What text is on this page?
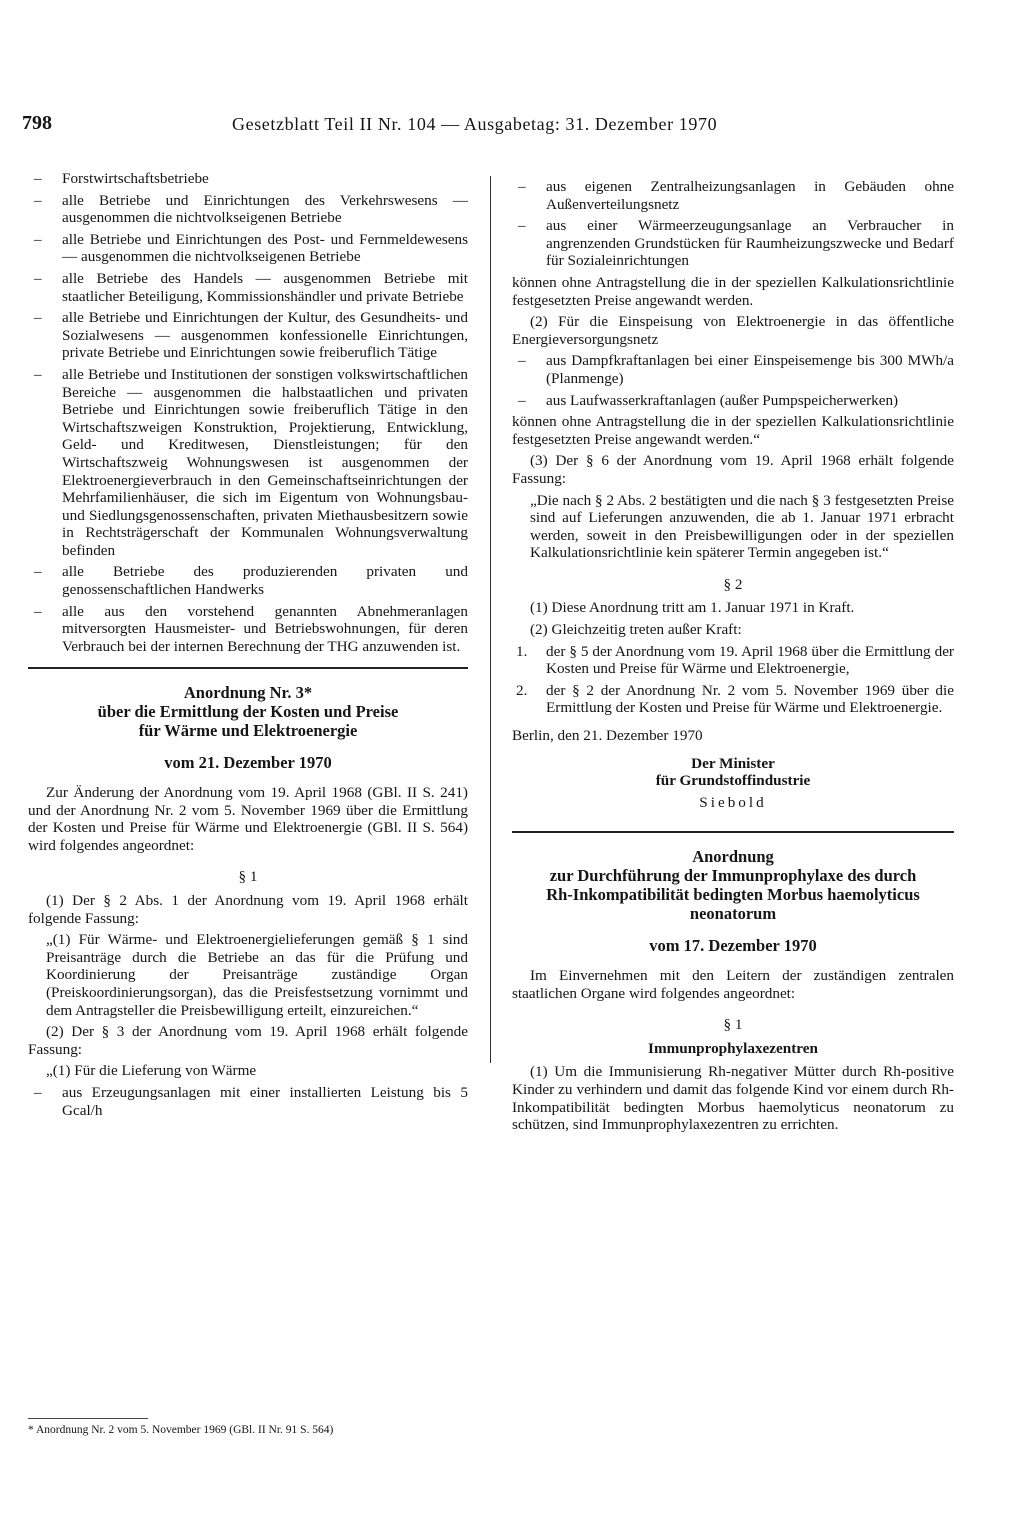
798	Gesetzblatt Teil II Nr. 104 — Ausgabetag: 31. Dezember 1970
– Forstwirtschaftsbetriebe
– alle Betriebe und Einrichtungen des Verkehrswesens — ausgenommen die nichtvolkseigenen Betriebe
– alle Betriebe und Einrichtungen des Post- und Fernmeldewesens — ausgenommen die nichtvolkseigenen Betriebe
– alle Betriebe des Handels — ausgenommen Betriebe mit staatlicher Beteiligung, Kommissionshändler und private Betriebe
– alle Betriebe und Einrichtungen der Kultur, des Gesundheits- und Sozialwesens — ausgenommen konfessionelle Einrichtungen, private Betriebe und Einrichtungen sowie freiberuflich Tätige
– alle Betriebe und Institutionen der sonstigen volkswirtschaftlichen Bereiche — ausgenommen die halbstaatlichen und privaten Betriebe und Einrichtungen sowie freiberuflich Tätige in den Wirtschaftszweigen Konstruktion, Projektierung, Entwicklung, Geld- und Kreditwesen, Dienstleistungen; für den Wirtschaftszweig Wohnungswesen ist ausgenommen der Elektroenergieverbrauch in den Gemeinschaftseinrichtungen der Mehrfamilienhäuser, die sich im Eigentum von Wohnungsbau- und Siedlungsgenossenschaften, privaten Miethausbesitzern sowie in Rechtsträgerschaft der Kommunalen Wohnungsverwaltung befinden
– alle Betriebe des produzierenden privaten und genossenschaftlichen Handwerks
– alle aus den vorstehend genannten Abnehmeranlagen mitversorgten Hausmeister- und Betriebswohnungen, für deren Verbrauch bei der internen Berechnung der THG anzuwenden ist.
Anordnung Nr. 3*
über die Ermittlung der Kosten und Preise
für Wärme und Elektroenergie
vom 21. Dezember 1970
Zur Änderung der Anordnung vom 19. April 1968 (GBl. II S. 241) und der Anordnung Nr. 2 vom 5. November 1969 über die Ermittlung der Kosten und Preise für Wärme und Elektroenergie (GBl. II S. 564) wird folgendes angeordnet:
§ 1
(1) Der § 2 Abs. 1 der Anordnung vom 19. April 1968 erhält folgende Fassung:
„(1) Für Wärme- und Elektroenergielieferungen gemäß § 1 sind Preisanträge durch die Betriebe an das für die Prüfung und Koordinierung der Preisanträge zuständige Organ (Preiskoordinierungsorgan), das die Preisfestsetzung vornimmt und dem Antragsteller die Preisbewilligung erteilt, einzureichen.“
(2) Der § 3 der Anordnung vom 19. April 1968 erhält folgende Fassung:
„(1) Für die Lieferung von Wärme
– aus Erzeugungsanlagen mit einer installierten Leistung bis 5 Gcal/h
* Anordnung Nr. 2 vom 5. November 1969 (GBl. II Nr. 91 S. 564)
– aus eigenen Zentralheizungsanlagen in Gebäuden ohne Außenverteilungsnetz
– aus einer Wärmeerzeugungsanlage an Verbraucher in angrenzenden Grundstücken für Raumheizungszwecke und Bedarf für Sozialeinrichtungen
können ohne Antragstellung die in der speziellen Kalkulationsrichtlinie festgesetzten Preise angewandt werden.
(2) Für die Einspeisung von Elektroenergie in das öffentliche Energieversorgungsnetz
– aus Dampfkraftanlagen bei einer Einspeisemenge bis 300 MWh/a (Planmenge)
– aus Laufwasserkraftanlagen (außer Pumpspeicherwerken)
können ohne Antragstellung die in der speziellen Kalkulationsrichtlinie festgesetzten Preise angewandt werden.“
(3) Der § 6 der Anordnung vom 19. April 1968 erhält folgende Fassung:
„Die nach § 2 Abs. 2 bestätigten und die nach § 3 festgesetzten Preise sind auf Lieferungen anzuwenden, die ab 1. Januar 1971 erbracht werden, soweit in den Preisbewilligungen oder in der speziellen Kalkulationsrichtlinie kein späterer Termin angegeben ist.“
§ 2
(1) Diese Anordnung tritt am 1. Januar 1971 in Kraft.
(2) Gleichzeitig treten außer Kraft:
1. der § 5 der Anordnung vom 19. April 1968 über die Ermittlung der Kosten und Preise für Wärme und Elektroenergie,
2. der § 2 der Anordnung Nr. 2 vom 5. November 1969 über die Ermittlung der Kosten und Preise für Wärme und Elektroenergie.
Berlin, den 21. Dezember 1970
Der Minister
für Grundstoffindustrie
Siebold
Anordnung
zur Durchführung der Immunprophylaxe des durch
Rh-Inkompatibilität bedingten Morbus haemolyticus
neonatorum
vom 17. Dezember 1970
Im Einvernehmen mit den Leitern der zuständigen zentralen staatlichen Organe wird folgendes angeordnet:
§ 1
Immunprophylaxezentren
(1) Um die Immunisierung Rh-negativer Mütter durch Rh-positive Kinder zu verhindern und damit das folgende Kind vor einem durch Rh-Inkompatibilität bedingten Morbus haemolyticus neonatorum zu schützen, sind Immunprophylaxezentren zu errichten.
